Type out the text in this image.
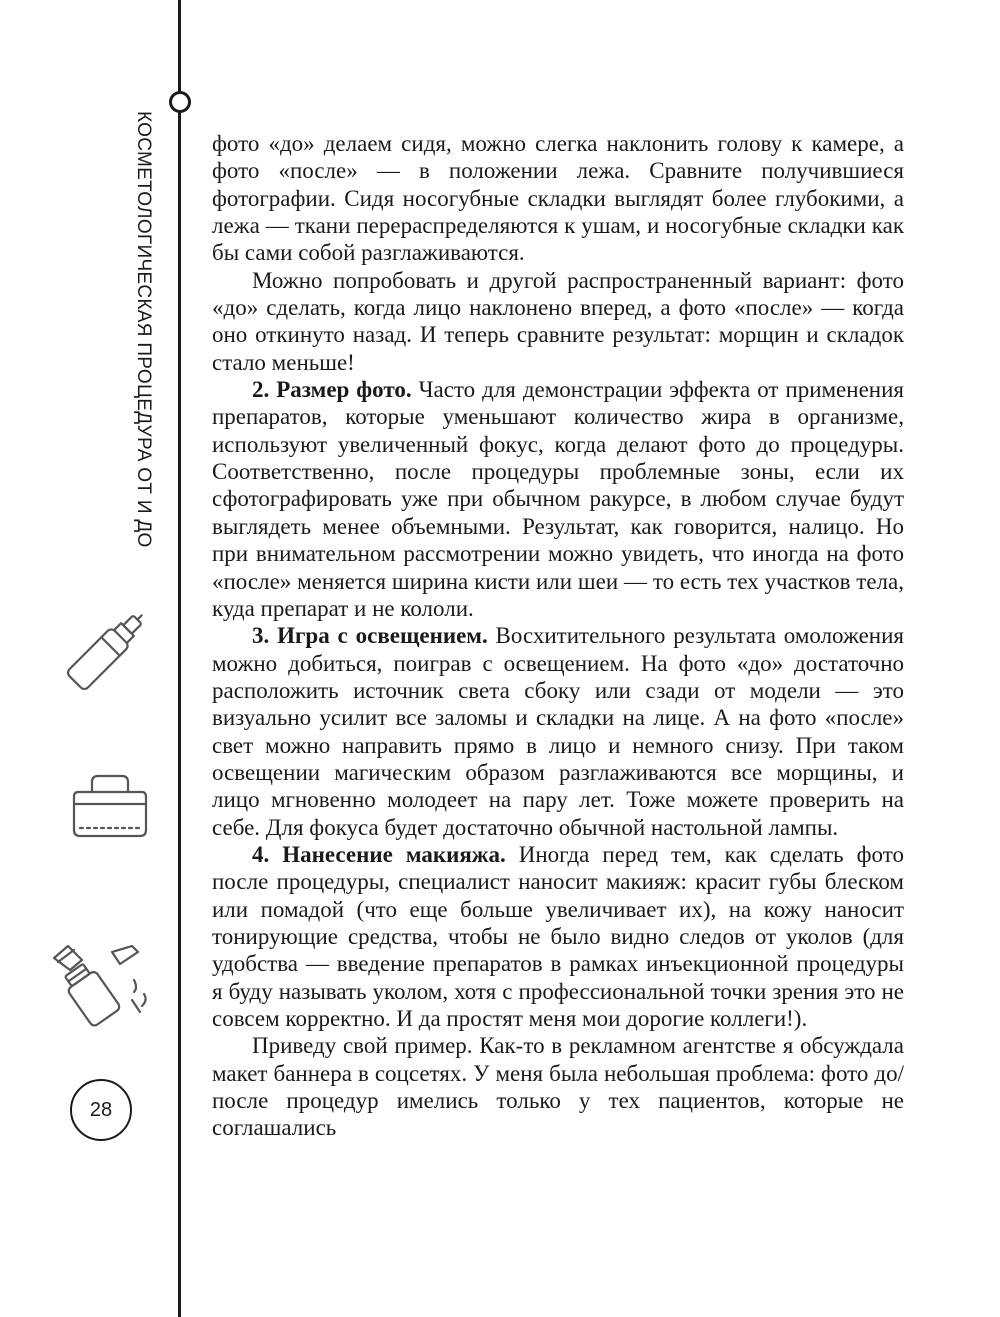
КОСМЕТОЛОГИЧЕСКАЯ ПРОЦЕДУРА ОТ И ДО
28

фото «до» делаем сидя, можно слегка наклонить голову к камере, а фото «после» — в положении лежа. Сравните получившиеся фотографии. Сидя носогубные складки выглядят более глубокими, а лежа — ткани перераспределяются к ушам, и носогубные складки как бы сами собой разглаживаются.

Можно попробовать и другой распространенный вариант: фото «до» сделать, когда лицо наклонено вперед, а фото «после» — когда оно откинуто назад. И теперь сравните результат: морщин и складок стало меньше!

2. Размер фото. Часто для демонстрации эффекта от применения препаратов, которые уменьшают количество жира в организме, используют увеличенный фокус, когда делают фото до процедуры. Соответственно, после процедуры проблемные зоны, если их сфотографировать уже при обычном ракурсе, в любом случае будут выглядеть менее объемными. Результат, как говорится, налицо. Но при внимательном рассмотрении можно увидеть, что иногда на фото «после» меняется ширина кисти или шеи — то есть тех участков тела, куда препарат и не кололи.

3. Игра с освещением. Восхитительного результата омоложения можно добиться, поиграв с освещением. На фото «до» достаточно расположить источник света сбоку или сзади от модели — это визуально усилит все заломы и складки на лице. А на фото «после» свет можно направить прямо в лицо и немного снизу. При таком освещении магическим образом разглаживаются все морщины, и лицо мгновенно молодеет на пару лет. Тоже можете проверить на себе. Для фокуса будет достаточно обычной настольной лампы.

4. Нанесение макияжа. Иногда перед тем, как сделать фото после процедуры, специалист наносит макияж: красит губы блеском или помадой (что еще больше увеличивает их), на кожу наносит тонирующие средства, чтобы не было видно следов от уколов (для удобства — введение препаратов в рамках инъекционной процедуры я буду называть уколом, хотя с профессиональной точки зрения это не совсем корректно. И да простят меня мои дорогие коллеги!).

Приведу свой пример. Как-то в рекламном агентстве я обсуждала макет баннера в соцсетях. У меня была небольшая проблема: фото до/после процедур имелись только у тех пациентов, которые не соглашались
